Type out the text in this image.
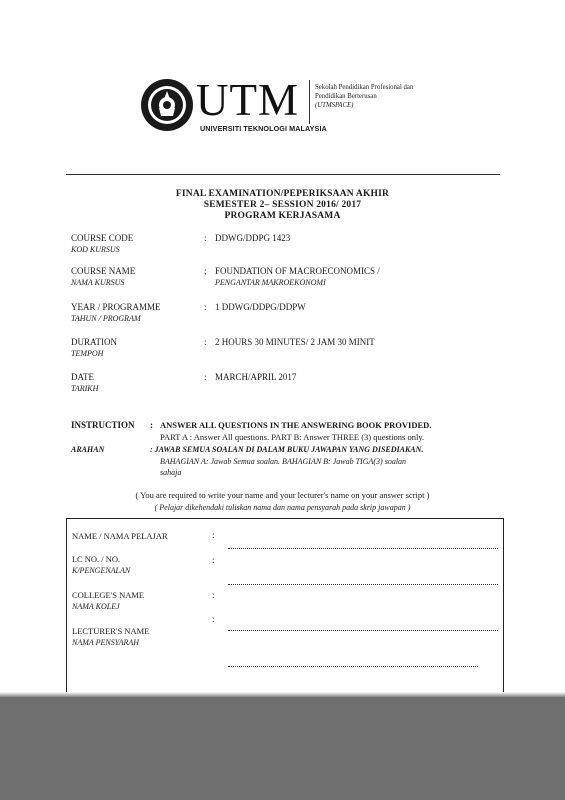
UTM
UNIVERSITI TEKNOLOGI MALAYSIA
Sekolah Pendidikan Profesional dan
Pendidikan Berterusan
(UTMSPACE)
FINAL EXAMINATION/PEPERIKSAAN AKHIR
SEMESTER 2– SESSION 2016/ 2017
PROGRAM KERJASAMA
COURSE CODE
KOD KURSUS
: DDWG/DDPG 1423
COURSE NAME
NAMA KURSUS
; FOUNDATION OF MACROECONOMICS /
PENGANTAR MAKROEKONOMI
YEAR / PROGRAMME
TAHUN / PROGRAM
: 1 DDWG/DDPG/DDPW
DURATION
TEMPOH
: 2 HOURS 30 MINUTES/ 2 JAM 30 MINIT
DATE
TARIKH
: MARCH/APRIL 2017
INSTRUCTION : ANSWER ALL QUESTIONS IN THE ANSWERING BOOK PROVIDED.
PART A : Answer All questions. PART B: Answer THREE (3) questions only.
ARAHAN	: JAWAB SEMUA SOALAN DI DALAM BUKU JAWAPAN YANG DISEDIAKAN.
BAHAGIAN A: Jawab Semua soalan. BAHAGIAN B: Jawab TIGA(3) soalan
sahaja
( You are required to write your name and your lecturer's name on your answer script )
( Pelajar dikehendaki tuliskan nama dan nama pensyarah pada skrip jawapan )
NAME / NAMA PELAJAR	:
I.C NO. / NO.
K/PENGENALAN
:
COLLEGE'S NAME
NAMA KOLEJ
:
LECTURER'S NAME
NAMA PENSYARAH
:
